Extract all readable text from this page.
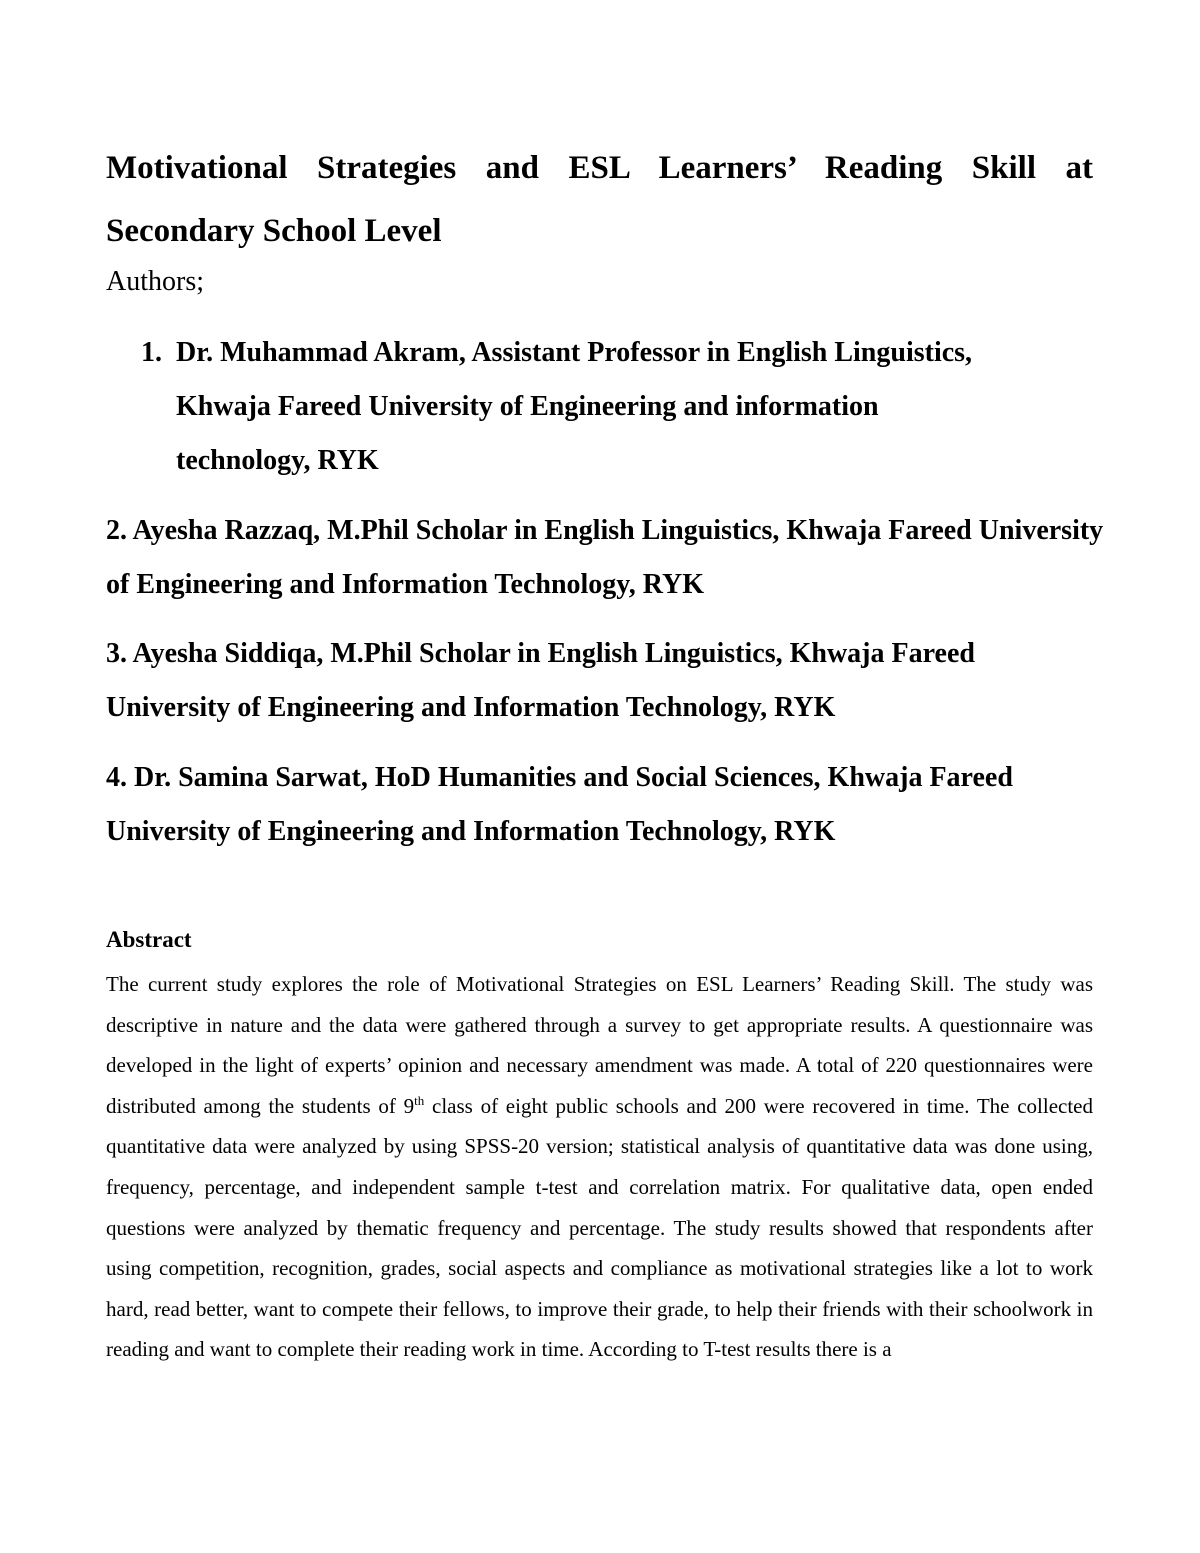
Motivational Strategies and ESL Learners’ Reading Skill at Secondary School Level

Authors;

1. Dr. Muhammad Akram, Assistant Professor in English Linguistics,
Khwaja Fareed University of Engineering and information
technology, RYK

2. Ayesha Razzaq, M.Phil Scholar in English Linguistics, Khwaja Fareed University of Engineering and Information Technology, RYK

3. Ayesha Siddiqa, M.Phil Scholar in English Linguistics, Khwaja Fareed University of Engineering and Information Technology, RYK

4. Dr. Samina Sarwat, HoD Humanities and Social Sciences, Khwaja Fareed University of Engineering and Information Technology, RYK

Abstract

The current study explores the role of Motivational Strategies on ESL Learners’ Reading Skill. The study was descriptive in nature and the data were gathered through a survey to get appropriate results. A questionnaire was developed in the light of experts’ opinion and necessary amendment was made. A total of 220 questionnaires were distributed among the students of 9th class of eight public schools and 200 were recovered in time. The collected quantitative data were analyzed by using SPSS-20 version; statistical analysis of quantitative data was done using, frequency, percentage, and independent sample t-test and correlation matrix. For qualitative data, open ended questions were analyzed by thematic frequency and percentage. The study results showed that respondents after using competition, recognition, grades, social aspects and compliance as motivational strategies like a lot to work hard, read better, want to compete their fellows, to improve their grade, to help their friends with their schoolwork in reading and want to complete their reading work in time. According to T-test results there is a
